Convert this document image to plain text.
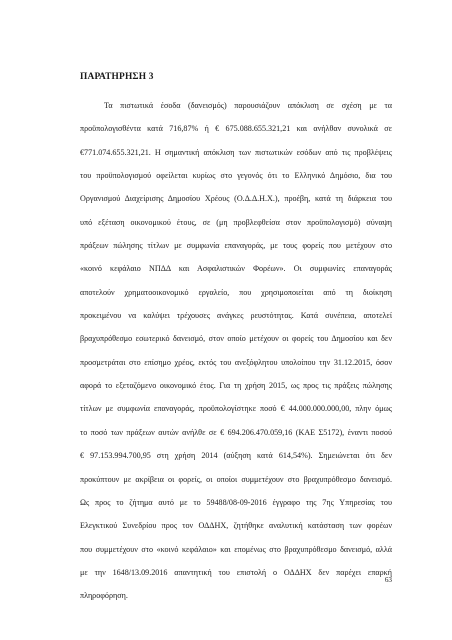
ΠΑΡΑΤΗΡΗΣΗ 3
Τα πιστωτικά έσοδα (δανεισμός) παρουσιάζουν απόκλιση σε σχέση με τα
προϋπολογισθέντα κατά 716,87% ή € 675.088.655.321,21 και ανήλθαν συνολικά σε
€771.074.655.321,21. Η σημαντική απόκλιση των πιστωτικών εσόδων από τις προβλέψεις
του προϋπολογισμού οφείλεται κυρίως στο γεγονός ότι το Ελληνικό Δημόσιο, δια του
Οργανισμού Διαχείρισης Δημοσίου Χρέους (Ο.Δ.Δ.Η.Χ.), προέβη, κατά τη διάρκεια του
υπό εξέταση οικονομικού έτους, σε (μη προβλεφθείσα στον προϋπολογισμό) σύναψη
πράξεων πώλησης τίτλων με συμφωνία επαναγοράς, με τους φορείς που μετέχουν στο
«κοινό κεφάλαιο ΝΠΔΔ και Ασφαλιστικών Φορέων». Οι συμφωνίες επαναγοράς
αποτελούν χρηματοοικονομικό εργαλείο, που χρησιμοποιείται από τη διοίκηση
προκειμένου να καλύψει τρέχουσες ανάγκες ρευστότητας. Κατά συνέπεια, αποτελεί
βραχυπρόθεσμο εσωτερικό δανεισμό, στον οποίο μετέχουν οι φορείς του Δημοσίου και δεν
προσμετράται στο επίσημο χρέος, εκτός του ανεξόφλητου υπολοίπου την 31.12.2015, όσον
αφορά το εξεταζόμενο οικονομικό έτος. Για τη χρήση 2015, ως προς τις πράξεις πώλησης
τίτλων με συμφωνία επαναγοράς, προϋπολογίστηκε ποσό € 44.000.000.000,00, πλην όμως
το ποσό των πράξεων αυτών ανήλθε σε € 694.206.470.059,16 (ΚΑΕ Σ5172), έναντι ποσού
€ 97.153.994.700,95 στη χρήση 2014 (αύξηση κατά 614,54%). Σημειώνεται ότι δεν
προκύπτουν με ακρίβεια οι φορείς, οι οποίοι συμμετέχουν στο βραχυπρόθεσμο δανεισμό.
Ως προς το ζήτημα αυτό με το 59488/08-09-2016 έγγραφο της 7ης Υπηρεσίας του
Ελεγκτικού Συνεδρίου προς τον ΟΔΔΗΧ, ζητήθηκε αναλυτική κατάσταση των φορέων
που συμμετέχουν στο «κοινό κεφάλαιο» και επομένως στο βραχυπρόθεσμο δανεισμό, αλλά
με την 1648/13.09.2016 απαντητική του επιστολή ο ΟΔΔΗΧ δεν παρέχει επαρκή
πληροφόρηση.
63
